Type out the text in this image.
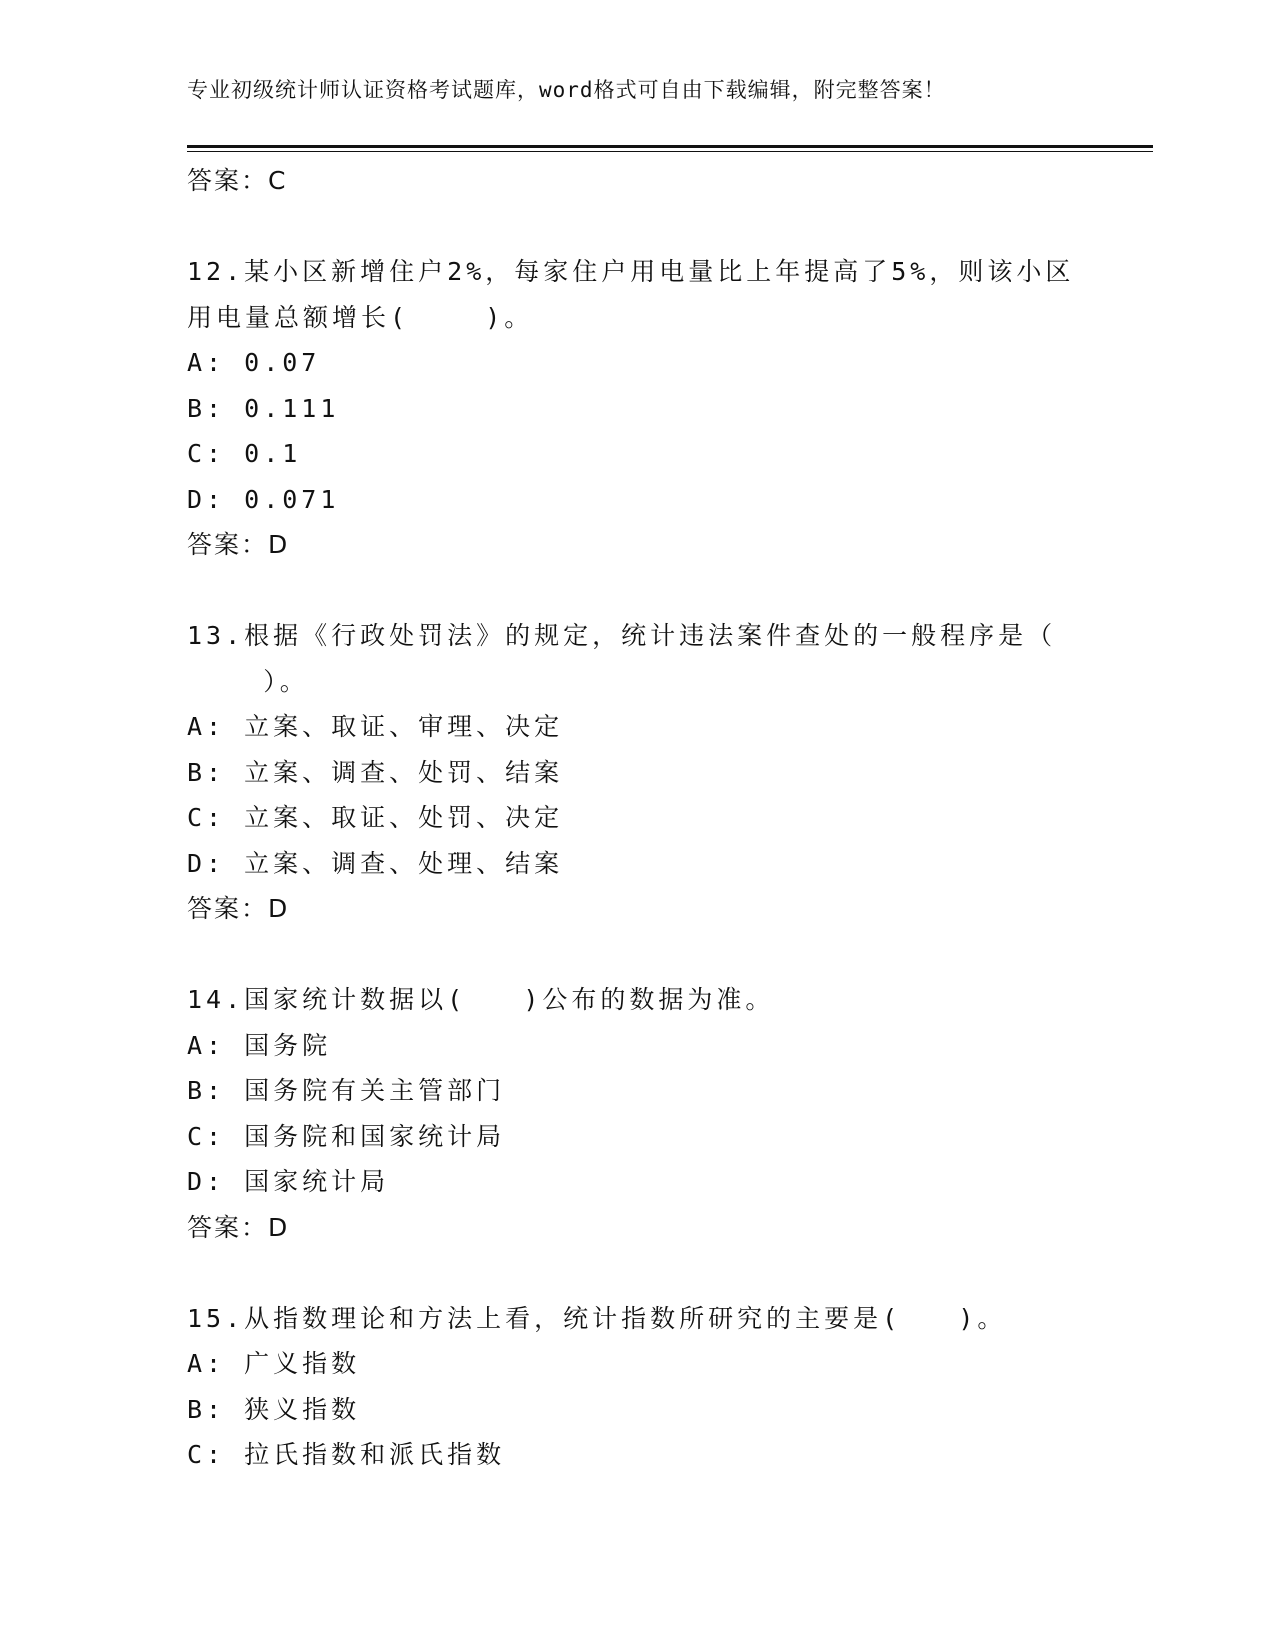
专业初级统计师认证资格考试题库，word格式可自由下载编辑，附完整答案！
答案：C
12.某小区新增住户2%，每家住户用电量比上年提高了5%，则该小区
用电量总额增长(    )。
A: 0.07
B: 0.111
C: 0.1
D: 0.071
答案：D
13.根据《行政处罚法》的规定，统计违法案件查处的一般程序是（
）。
A: 立案、取证、审理、决定
B: 立案、调查、处罚、结案
C: 立案、取证、处罚、决定
D: 立案、调查、处理、结案
答案：D
14.国家统计数据以(   )公布的数据为准。
A: 国务院
B: 国务院有关主管部门
C: 国务院和国家统计局
D: 国家统计局
答案：D
15.从指数理论和方法上看，统计指数所研究的主要是(   )。
A: 广义指数
B: 狭义指数
C: 拉氏指数和派氏指数
